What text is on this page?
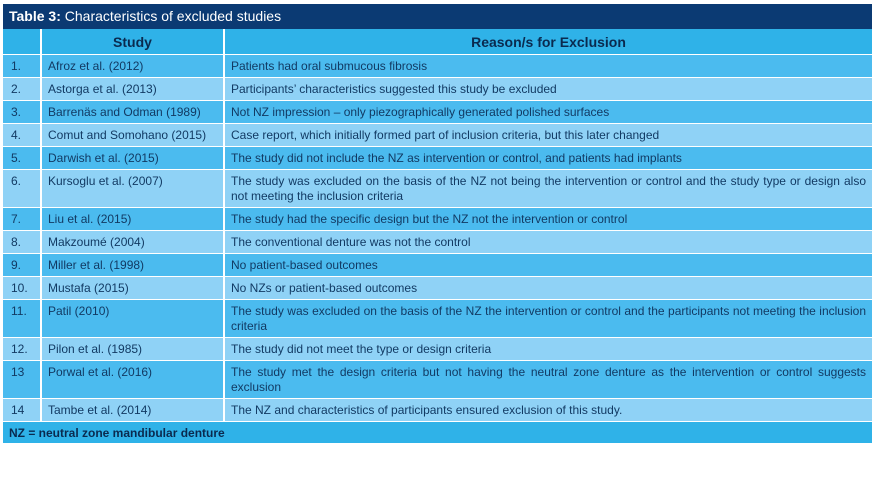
Table 3: Characteristics of excluded studies
	Study	Reason/s for Exclusion
1.	Afroz et al. (2012)	Patients had oral submucous fibrosis
2.	Astorga et al. (2013)	Participants’ characteristics suggested this study be excluded
3.	Barrenäs and Odman (1989)	Not NZ impression – only piezographically generated polished surfaces
4.	Comut and Somohano (2015)	Case report, which initially formed part of inclusion criteria, but this later changed
5.	Darwish et al. (2015)	The study did not include the NZ as intervention or control, and patients had implants
6.	Kursoglu et al. (2007)	The study was excluded on the basis of the NZ not being the intervention or control and the study type or design also not meeting the inclusion criteria
7.	Liu et al. (2015)	The study had the specific design but the NZ not the intervention or control
8.	Makzoumé (2004)	The conventional denture was not the control
9.	Miller et al. (1998)	No patient-based outcomes
10.	Mustafa (2015)	No NZs or patient-based outcomes
11.	Patil (2010)	The study was excluded on the basis of the NZ the intervention or control and the participants not meeting the inclusion criteria
12.	Pilon et al. (1985)	The study did not meet the type or design criteria
13	Porwal et al. (2016)	The study met the design criteria but not having the neutral zone denture as the intervention or control suggests exclusion
14	Tambe et al. (2014)	The NZ and characteristics of participants ensured exclusion of this study.
NZ = neutral zone mandibular denture
